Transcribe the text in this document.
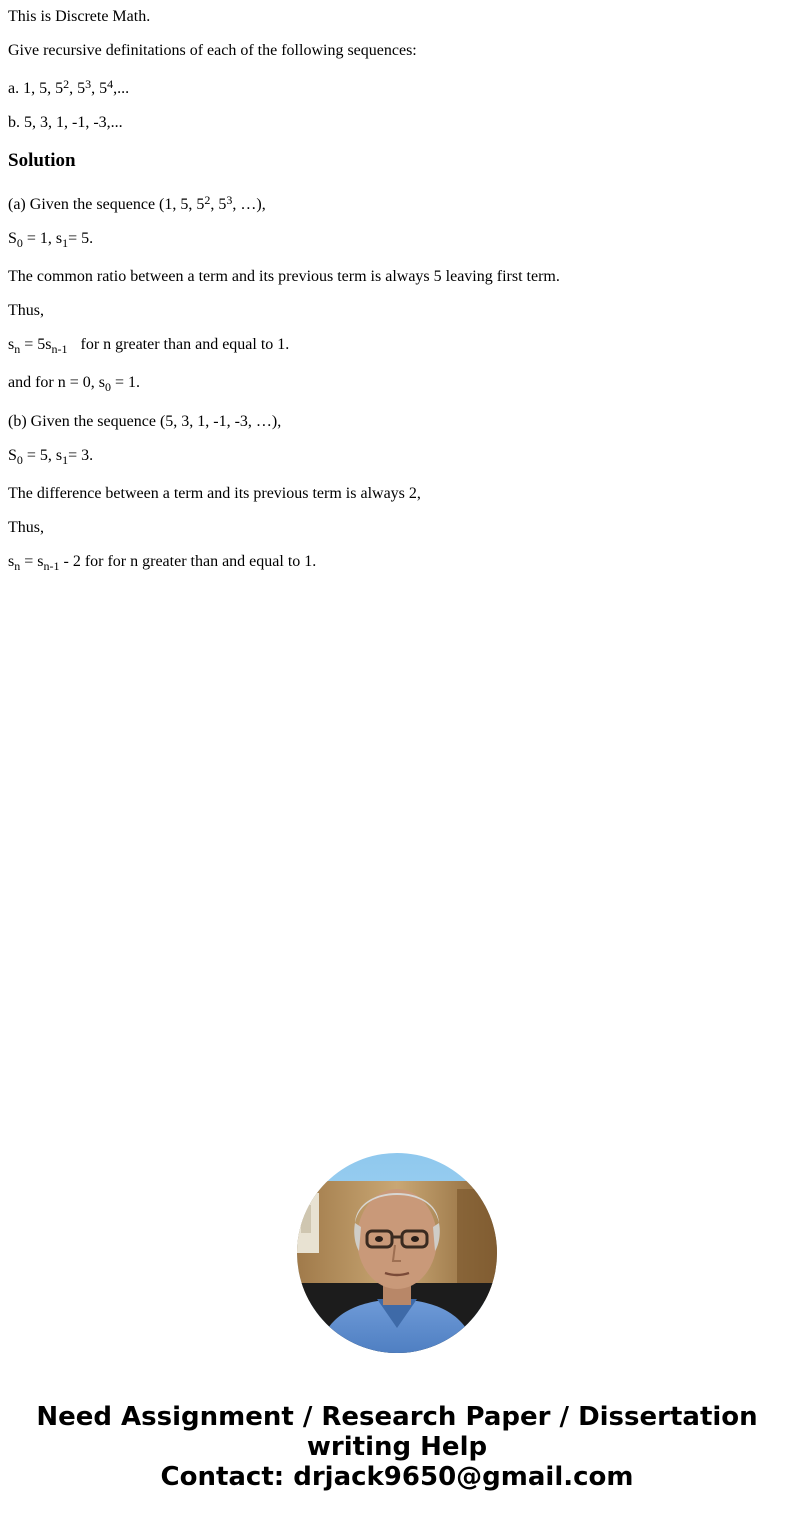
This is Discrete Math.
Give recursive definitations of each of the following sequences:
a. 1, 5, $5^2$, $5^3$, $5^4$,...
b. 5, 3, 1, -1, -3,...
Solution
(a) Given the sequence (1, 5, $5^2$, $5^3$, …),
$S_0 = 1$, $s_1= 5$.
The common ratio between a term and its previous term is always 5 leaving first term.
Thus,
$s_n = 5s_{n-1}$ for n greater than and equal to 1.
and for n = 0, $s_0 = 1$.
(b) Given the sequence (5, 3, 1, -1, -3, …),
$S_0 = 5$, $s_1= 3$.
The difference between a term and its previous term is always 2,
Thus,
$s_n = s_{n-1} - 2$ for for n greater than and equal to 1.
Need Assignment / Research Paper / Dissertation
writing Help
Contact: drjack9650@gmail.com
